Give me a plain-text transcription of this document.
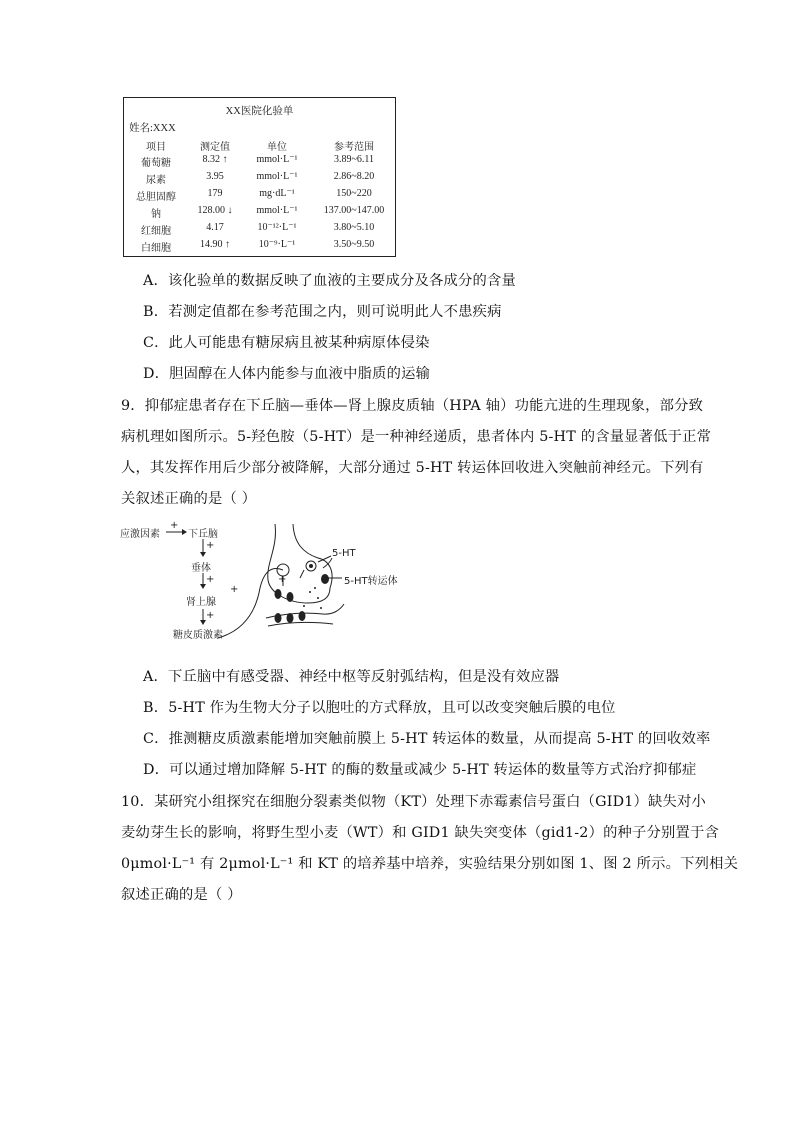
XX医院化验单
姓名:XXX
项目	测定值	单位	参考范围
葡萄糖	8.32 ↑	mmol·L⁻¹	3.89~6.11
尿素	3.95	mmol·L⁻¹	2.86~8.20
总胆固醇	179	mg·dL⁻¹	150~220
钠	128.00 ↓	mmol·L⁻¹	137.00~147.00
红细胞	4.17	10⁻¹²·L⁻¹	3.80~5.10
白细胞	14.90 ↑	10⁻⁹·L⁻¹	3.50~9.50
A．该化验单的数据反映了血液的主要成分及各成分的含量
B．若测定值都在参考范围之内，则可说明此人不患疾病
C．此人可能患有糖尿病且被某种病原体侵染
D．胆固醇在人体内能参与血液中脂质的运输
9．抑郁症患者存在下丘脑—垂体—肾上腺皮质轴（HPA 轴）功能亢进的生理现象，部分致
病机理如图所示。5-羟色胺（5-HT）是一种神经递质，患者体内 5-HT 的含量显著低于正常
人，其发挥作用后少部分被降解，大部分通过 5-HT 转运体回收进入突触前神经元。下列有
关叙述正确的是（ ）
应激因素
+
下丘脑
+
垂体
+
肾上腺
+
+
+
糖皮质激素
5-HT
5-HT转运体
A．下丘脑中有感受器、神经中枢等反射弧结构，但是没有效应器
B．5-HT 作为生物大分子以胞吐的方式释放，且可以改变突触后膜的电位
C．推测糖皮质激素能增加突触前膜上 5-HT 转运体的数量，从而提高 5-HT 的回收效率
D．可以通过增加降解 5-HT 的酶的数量或减少 5-HT 转运体的数量等方式治疗抑郁症
10．某研究小组探究在细胞分裂素类似物（KT）处理下赤霉素信号蛋白（GID1）缺失对小
麦幼芽生长的影响，将野生型小麦（WT）和 GID1 缺失突变体（gid1-2）的种子分别置于含
0μmol·L⁻¹ 有 2μmol·L⁻¹ 和 KT 的培养基中培养，实验结果分别如图 1、图 2 所示。下列相关
叙述正确的是（ ）
